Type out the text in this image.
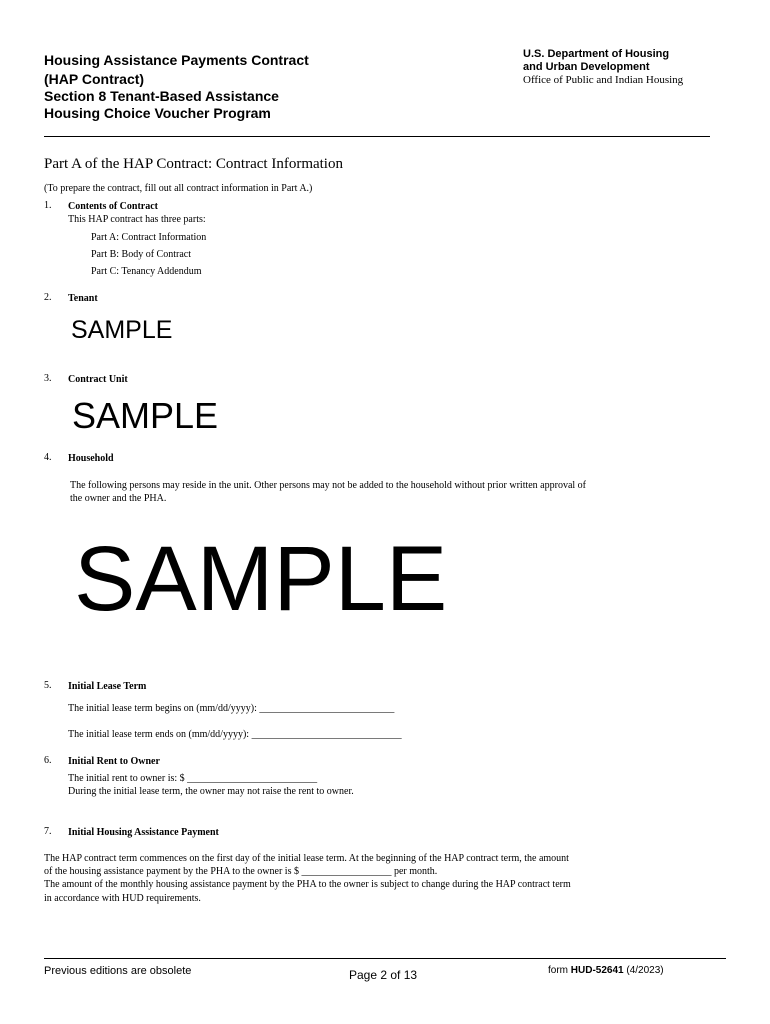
Housing Assistance Payments Contract
(HAP Contract)
Section 8 Tenant-Based Assistance
Housing Choice Voucher Program
U.S. Department of Housing
and Urban Development
Office of Public and Indian Housing
Part A of the HAP Contract: Contract Information
(To prepare the contract, fill out all contract information in Part A.)
1. Contents of Contract
This HAP contract has three parts:
Part A: Contract Information
Part B: Body of Contract
Part C: Tenancy Addendum
2. Tenant
SAMPLE
3. Contract Unit
SAMPLE
4. Household
The following persons may reside in the unit. Other persons may not be added to the household without prior written approval of
the owner and the PHA.
SAMPLE
5. Initial Lease Term
The initial lease term begins on (mm/dd/yyyy): ___________________________
The initial lease term ends on (mm/dd/yyyy): ______________________________
6. Initial Rent to Owner
The initial rent to owner is: $ __________________________
During the initial lease term, the owner may not raise the rent to owner.
7. Initial Housing Assistance Payment
The HAP contract term commences on the first day of the initial lease term. At the beginning of the HAP contract term, the amount
of the housing assistance payment by the PHA to the owner is $ __________________ per month.
The amount of the monthly housing assistance payment by the PHA to the owner is subject to change during the HAP contract term
in accordance with HUD requirements.
Previous editions are obsolete	Page 2 of 13	form HUD-52641 (4/2023)
